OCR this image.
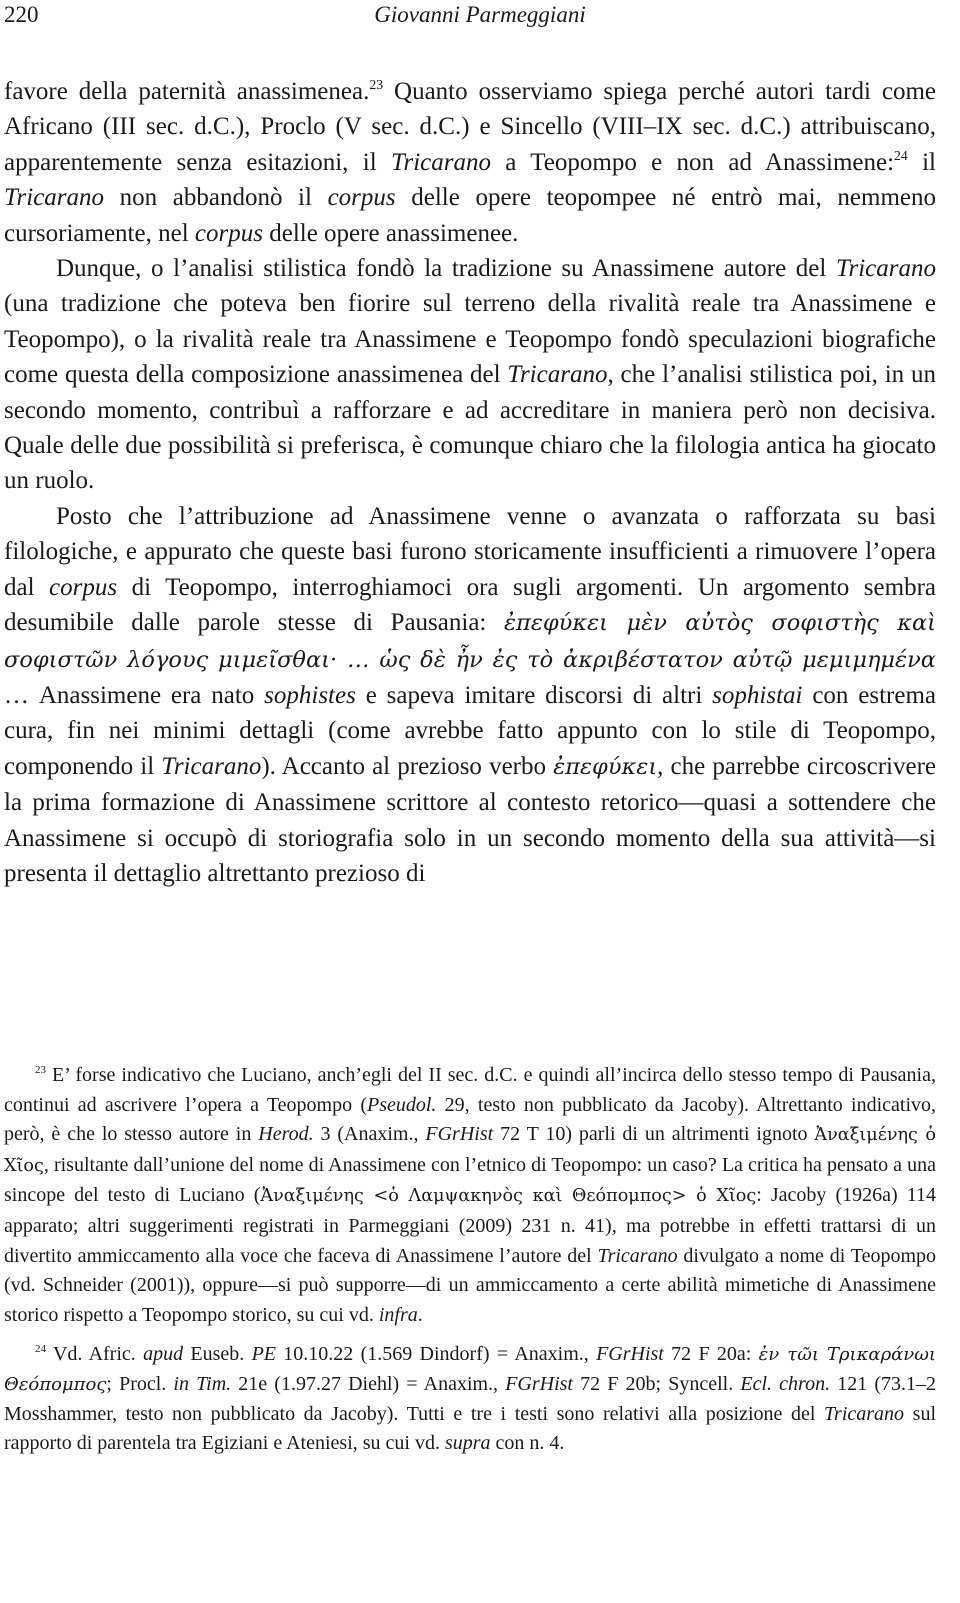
220	Giovanni Parmeggiani

favore della paternità anassimenea.$^{23}$ Quanto osserviamo spiega perché autori tardi come Africano (III sec. d.C.), Proclo (V sec. d.C.) e Sincello (VIII–IX sec. d.C.) attribuiscano, apparentemente senza esitazioni, il Tricarano a Teopompo e non ad Anassimene:$^{24}$ il Tricarano non abbandonò il corpus delle opere teopompee né entrò mai, nemmeno cursoriamente, nel corpus delle opere anassimenee.

Dunque, o l’analisi stilistica fondò la tradizione su Anassimene autore del Tricarano (una tradizione che poteva ben fiorire sul terreno della rivalità reale tra Anassimene e Teopompo), o la rivalità reale tra Anassimene e Teopompo fondò speculazioni biografiche come questa della composizione anassimenea del Tricarano, che l’analisi stilistica poi, in un secondo momento, contribuì a rafforzare e ad accreditare in maniera però non decisiva. Quale delle due possibilità si preferisca, è comunque chiaro che la filologia antica ha giocato un ruolo.

Posto che l’attribuzione ad Anassimene venne o avanzata o rafforzata su basi filologiche, e appurato che queste basi furono storicamente insufficienti a rimuovere l’opera dal corpus di Teopompo, interroghiamoci ora sugli argomenti. Un argomento sembra desumibile dalle parole stesse di Pausania: ἐπεφύκει μὲν αὐτὸς σοφιστὴς καὶ σοφιστῶν λόγους μιμεῖσθαι· … ὡς δὲ ἦν ἐς τὸ ἀκριβέστατον αὐτῷ μεμιμημένα … Anassimene era nato sophistes e sapeva imitare discorsi di altri sophistai con estrema cura, fin nei minimi dettagli (come avrebbe fatto appunto con lo stile di Teopompo, componendo il Tricarano). Accanto al prezioso verbo ἐπεφύκει, che parrebbe circoscrivere la prima formazione di Anassimene scrittore al contesto retorico—quasi a sottendere che Anassimene si occupò di storiografia solo in un secondo momento della sua attività—si presenta il dettaglio altrettanto prezioso di

$^{23}$ E’ forse indicativo che Luciano, anch’egli del II sec. d.C. e quindi all’incirca dello stesso tempo di Pausania, continui ad ascrivere l’opera a Teopompo (Pseudol. 29, testo non pubblicato da Jacoby). Altrettanto indicativo, però, è che lo stesso autore in Herod. 3 (Anaxim., FGrHist 72 T 10) parli di un altrimenti ignoto Ἀναξιμένης ὁ Χῖος, risultante dall’unione del nome di Anassimene con l’etnico di Teopompo: un caso? La critica ha pensato a una sincope del testo di Luciano (Ἀναξιμένης <ὁ Λαμψακηνὸς καὶ Θεόπομπος> ὁ Χῖος: Jacoby (1926a) 114 apparato; altri suggerimenti registrati in Parmeggiani (2009) 231 n. 41), ma potrebbe in effetti trattarsi di un divertito ammiccamento alla voce che faceva di Anassimene l’autore del Tricarano divulgato a nome di Teopompo (vd. Schneider (2001)), oppure—si può supporre—di un ammiccamento a certe abilità mimetiche di Anassimene storico rispetto a Teopompo storico, su cui vd. infra.

$^{24}$ Vd. Afric. apud Euseb. PE 10.10.22 (1.569 Dindorf) = Anaxim., FGrHist 72 F 20a: ἐν τῶι Τρικαράνωι Θεόπομπος; Procl. in Tim. 21e (1.97.27 Diehl) = Anaxim., FGrHist 72 F 20b; Syncell. Ecl. chron. 121 (73.1–2 Mosshammer, testo non pubblicato da Jacoby). Tutti e tre i testi sono relativi alla posizione del Tricarano sul rapporto di parentela tra Egiziani e Ateniesi, su cui vd. supra con n. 4.
